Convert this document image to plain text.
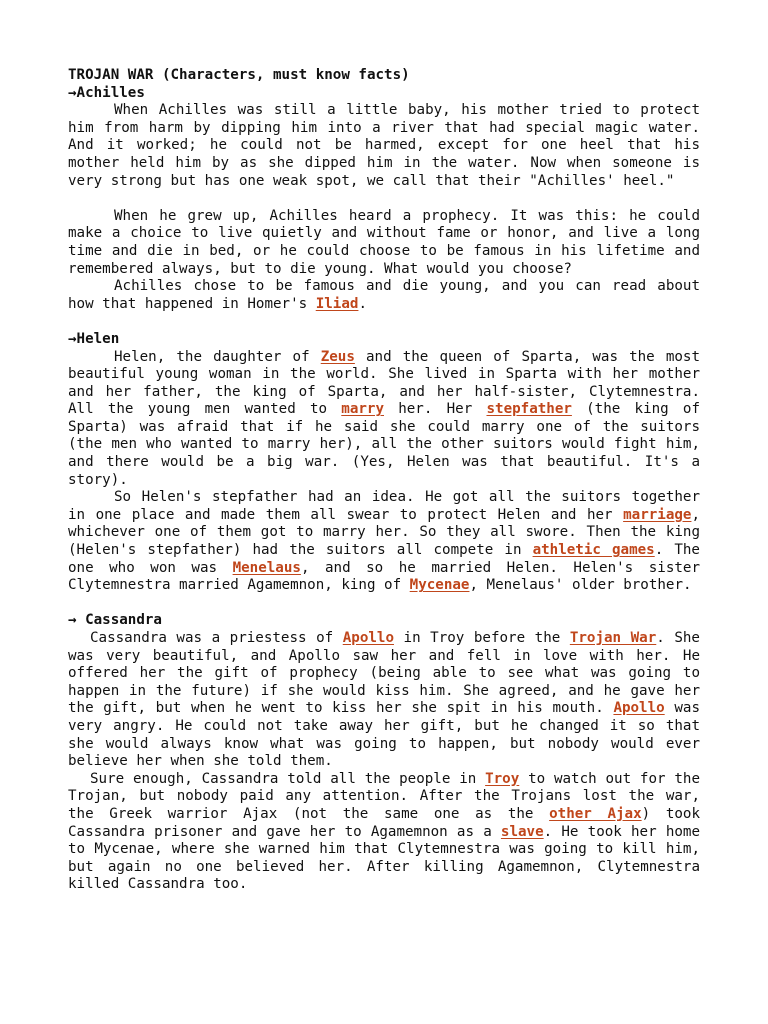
TROJAN WAR (Characters, must know facts)
→Achilles

When Achilles was still a little baby, his mother tried to protect him from harm by dipping him into a river that had special magic water. And it worked; he could not be harmed, except for one heel that his mother held him by as she dipped him in the water. Now when someone is very strong but has one weak spot, we call that their "Achilles' heel."

When he grew up, Achilles heard a prophecy. It was this: he could make a choice to live quietly and without fame or honor, and live a long time and die in bed, or he could choose to be famous in his lifetime and remembered always, but to die young. What would you choose?

Achilles chose to be famous and die young, and you can read about how that happened in Homer's Iliad.

→Helen

Helen, the daughter of Zeus and the queen of Sparta, was the most beautiful young woman in the world. She lived in Sparta with her mother and her father, the king of Sparta, and her half-sister, Clytemnestra. All the young men wanted to marry her. Her stepfather (the king of Sparta) was afraid that if he said she could marry one of the suitors (the men who wanted to marry her), all the other suitors would fight him, and there would be a big war. (Yes, Helen was that beautiful. It's a story).

So Helen's stepfather had an idea. He got all the suitors together in one place and made them all swear to protect Helen and her marriage, whichever one of them got to marry her. So they all swore. Then the king (Helen's stepfather) had the suitors all compete in athletic games. The one who won was Menelaus, and so he married Helen. Helen's sister Clytemnestra married Agamemnon, king of Mycenae, Menelaus' older brother.

→ Cassandra

Cassandra was a priestess of Apollo in Troy before the Trojan War. She was very beautiful, and Apollo saw her and fell in love with her. He offered her the gift of prophecy (being able to see what was going to happen in the future) if she would kiss him. She agreed, and he gave her the gift, but when he went to kiss her she spit in his mouth. Apollo was very angry. He could not take away her gift, but he changed it so that she would always know what was going to happen, but nobody would ever believe her when she told them.

Sure enough, Cassandra told all the people in Troy to watch out for the Trojan, but nobody paid any attention. After the Trojans lost the war, the Greek warrior Ajax (not the same one as the other Ajax) took Cassandra prisoner and gave her to Agamemnon as a slave. He took her home to Mycenae, where she warned him that Clytemnestra was going to kill him, but again no one believed her. After killing Agamemnon, Clytemnestra killed Cassandra too.
